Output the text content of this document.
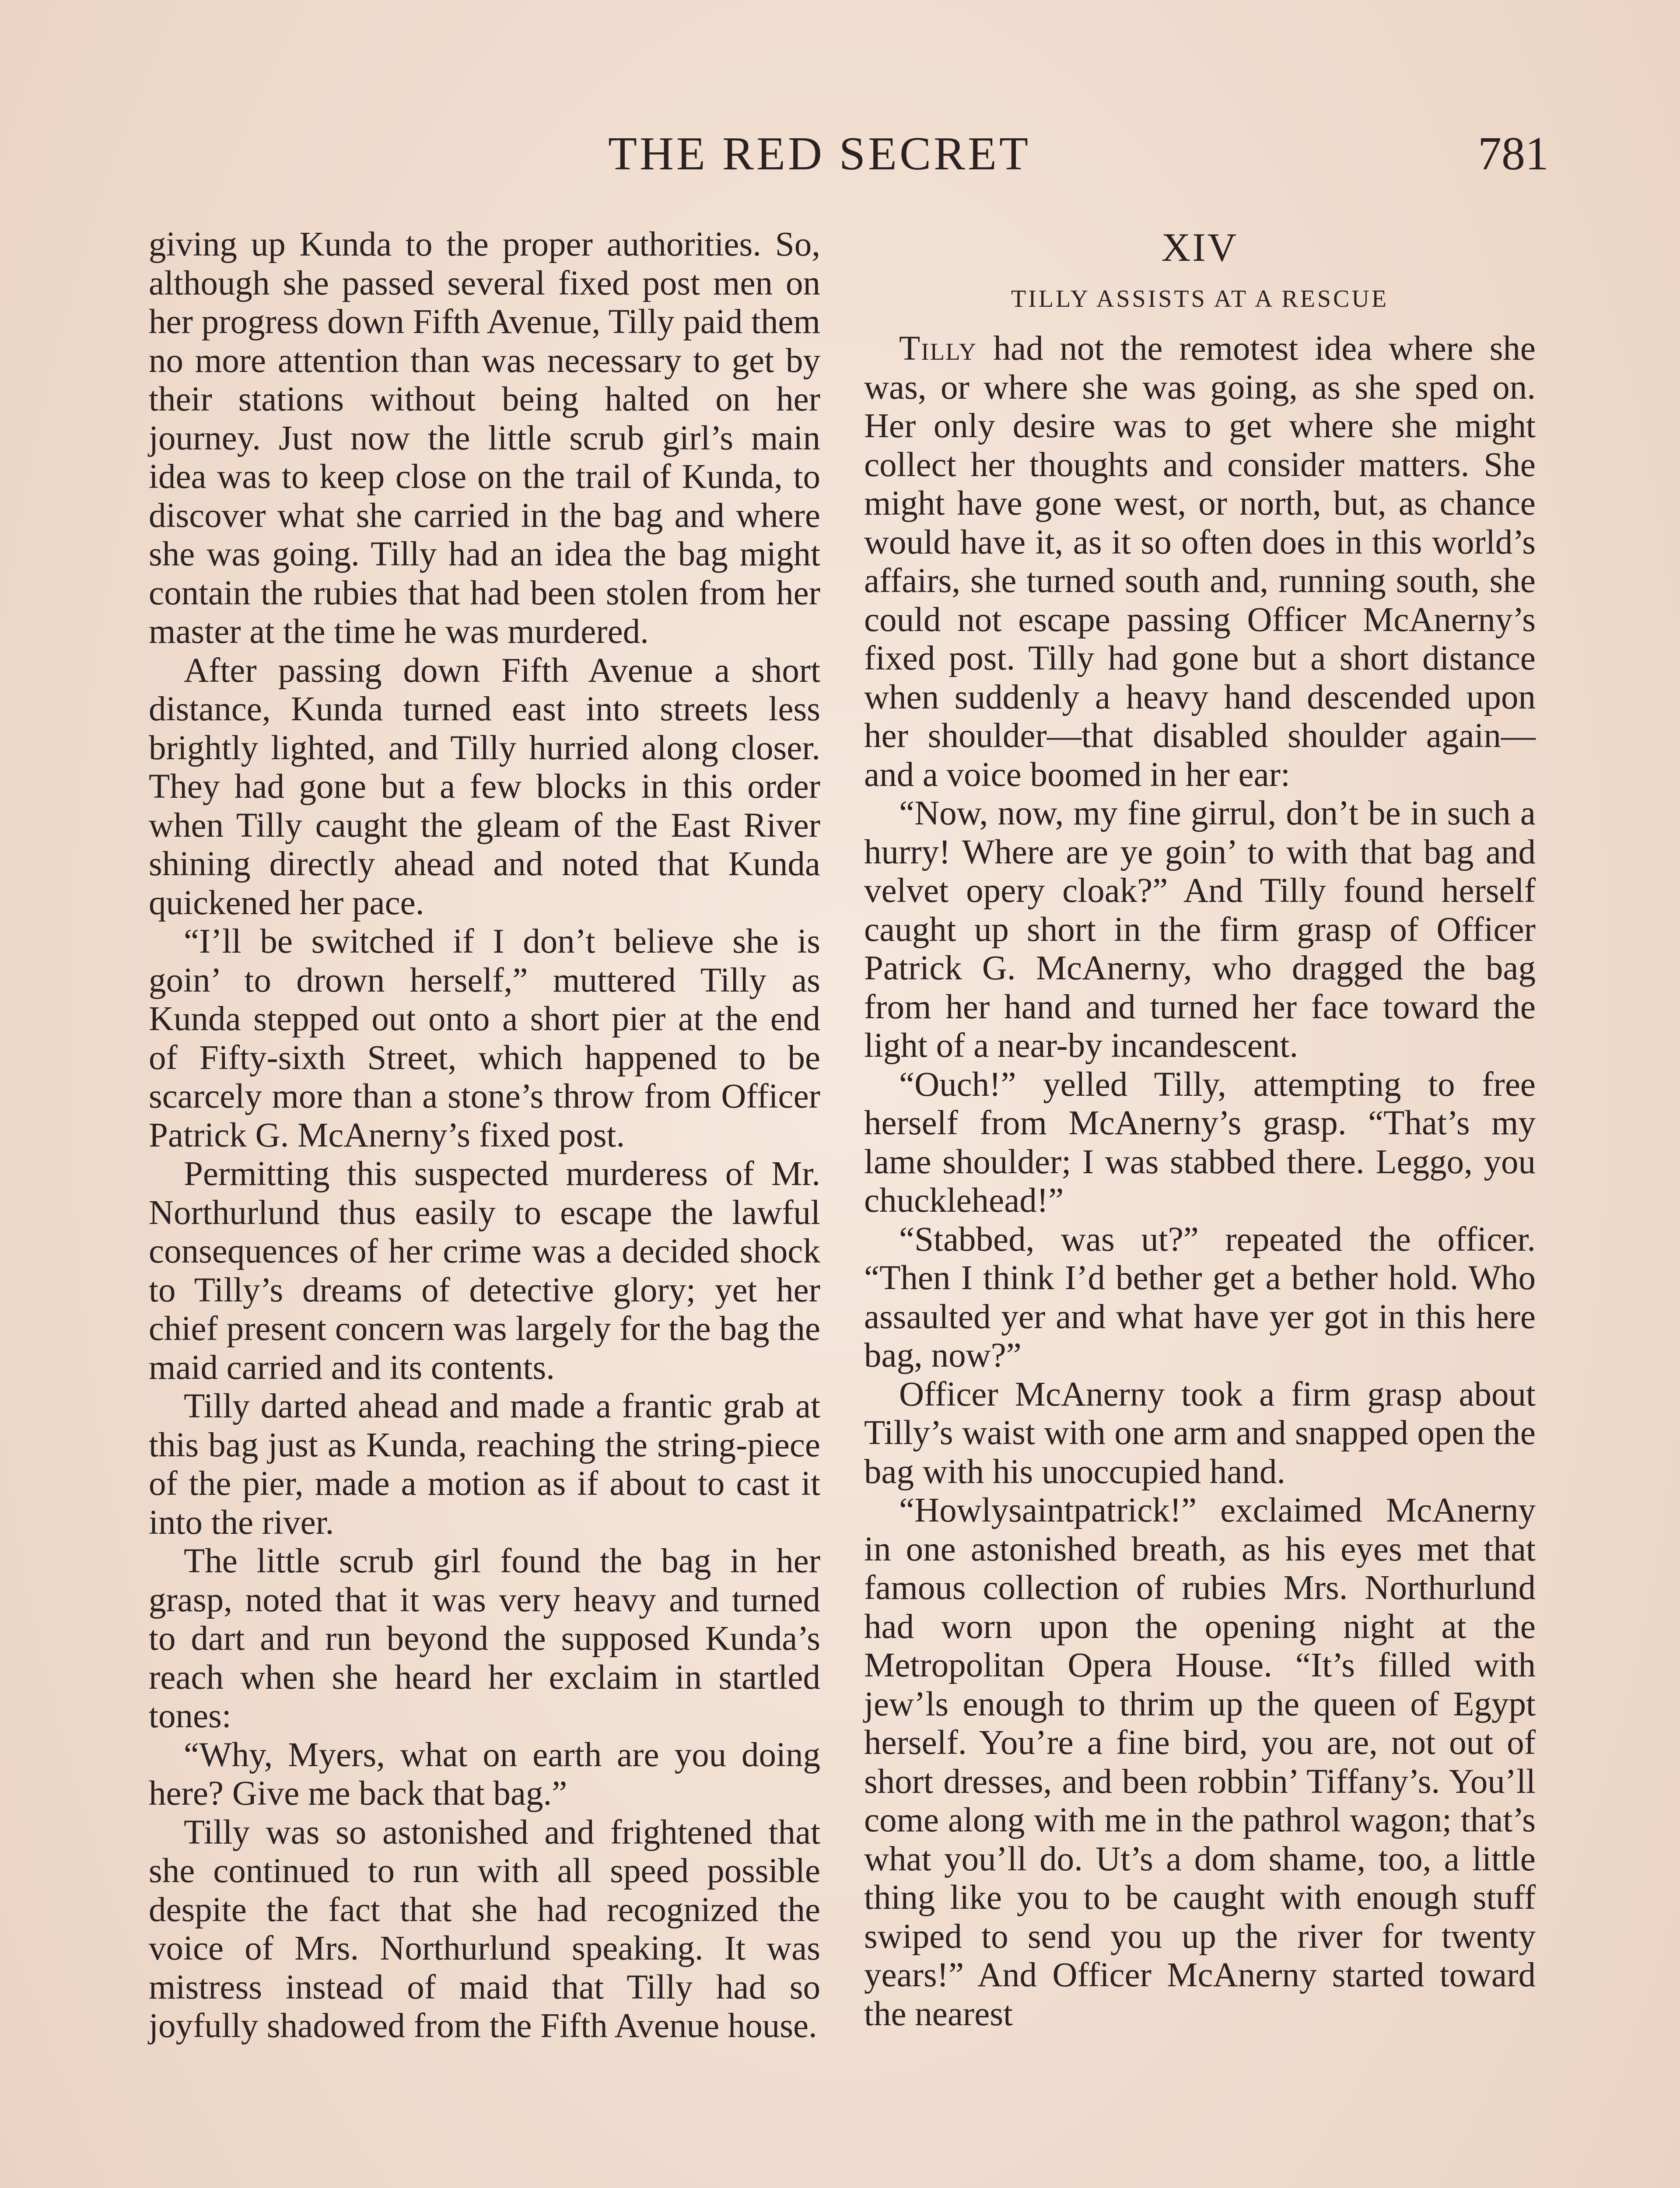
THE RED SECRET	781

giving up Kunda to the proper authorities. So, although she passed several fixed post men on her progress down Fifth Avenue, Tilly paid them no more attention than was necessary to get by their stations without being halted on her journey. Just now the little scrub girl’s main idea was to keep close on the trail of Kunda, to discover what she carried in the bag and where she was going. Tilly had an idea the bag might contain the rubies that had been stolen from her master at the time he was murdered.

After passing down Fifth Avenue a short distance, Kunda turned east into streets less brightly lighted, and Tilly hurried along closer. They had gone but a few blocks in this order when Tilly caught the gleam of the East River shining directly ahead and noted that Kunda quickened her pace.

“I’ll be switched if I don’t believe she is goin’ to drown herself,” muttered Tilly as Kunda stepped out onto a short pier at the end of Fifty-sixth Street, which happened to be scarcely more than a stone’s throw from Officer Patrick G. McAnerny’s fixed post.

Permitting this suspected murderess of Mr. Northurlund thus easily to escape the lawful consequences of her crime was a decided shock to Tilly’s dreams of detective glory; yet her chief present concern was largely for the bag the maid carried and its contents.

Tilly darted ahead and made a frantic grab at this bag just as Kunda, reaching the string-piece of the pier, made a motion as if about to cast it into the river.

The little scrub girl found the bag in her grasp, noted that it was very heavy and turned to dart and run beyond the supposed Kunda’s reach when she heard her exclaim in startled tones:

“Why, Myers, what on earth are you doing here? Give me back that bag.”

Tilly was so astonished and frightened that she continued to run with all speed possible despite the fact that she had recognized the voice of Mrs. Northurlund speaking. It was mistress instead of maid that Tilly had so joyfully shadowed from the Fifth Avenue house.

XIV
TILLY ASSISTS AT A RESCUE

Tilly had not the remotest idea where she was, or where she was going, as she sped on. Her only desire was to get where she might collect her thoughts and consider matters. She might have gone west, or north, but, as chance would have it, as it so often does in this world’s affairs, she turned south and, running south, she could not escape passing Officer McAnerny’s fixed post. Tilly had gone but a short distance when suddenly a heavy hand descended upon her shoulder—that disabled shoulder again—and a voice boomed in her ear:

“Now, now, my fine girrul, don’t be in such a hurry! Where are ye goin’ to with that bag and velvet opery cloak?” And Tilly found herself caught up short in the firm grasp of Officer Patrick G. McAnerny, who dragged the bag from her hand and turned her face toward the light of a near-by incandescent.

“Ouch!” yelled Tilly, attempting to free herself from McAnerny’s grasp. “That’s my lame shoulder; I was stabbed there. Leggo, you chucklehead!”

“Stabbed, was ut?” repeated the officer. “Then I think I’d bether get a bether hold. Who assaulted yer and what have yer got in this here bag, now?”

Officer McAnerny took a firm grasp about Tilly’s waist with one arm and snapped open the bag with his unoccupied hand.

“Howlysaintpatrick!” exclaimed McAnerny in one astonished breath, as his eyes met that famous collection of rubies Mrs. Northurlund had worn upon the opening night at the Metropolitan Opera House. “It’s filled with jew’ls enough to thrim up the queen of Egypt herself. You’re a fine bird, you are, not out of short dresses, and been robbin’ Tiffany’s. You’ll come along with me in the pathrol wagon; that’s what you’ll do. Ut’s a dom shame, too, a little thing like you to be caught with enough stuff swiped to send you up the river for twenty years!” And Officer McAnerny started toward the nearest
